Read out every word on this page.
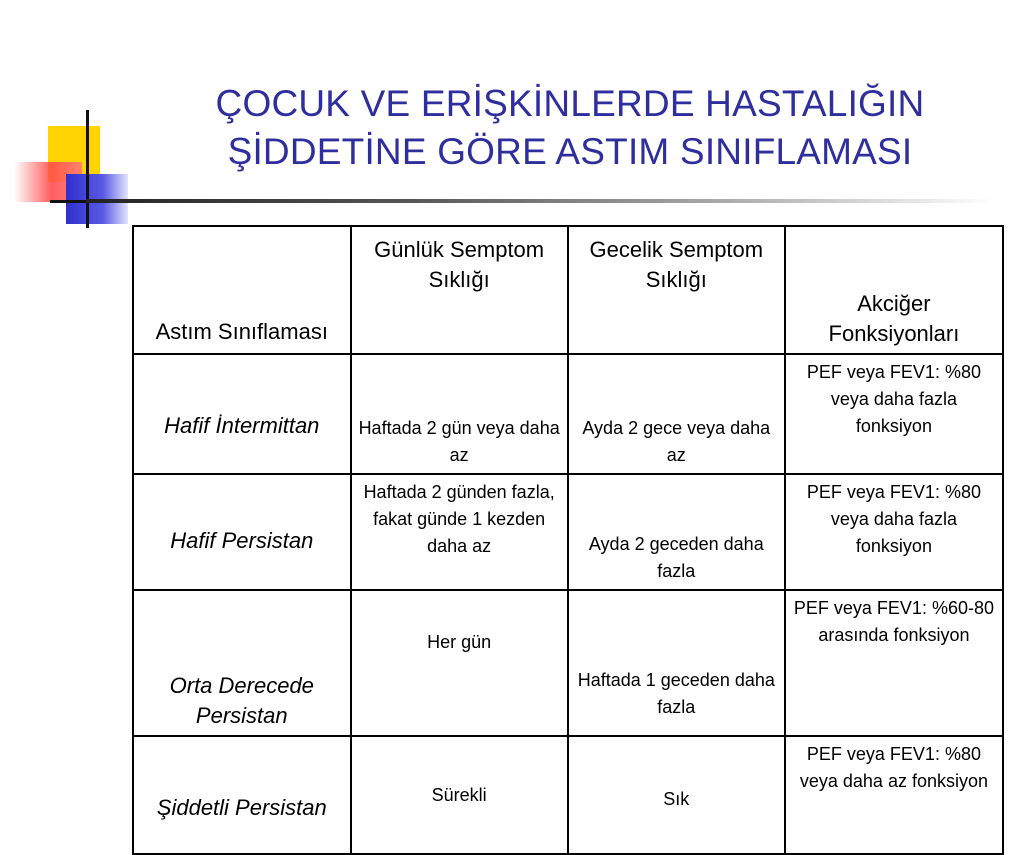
ÇOCUK VE ERİŞKİNLERDE HASTALIĞIN
ŞİDDETİNE GÖRE ASTIM SINIFLAMASI
Astım Sınıflaması	Günlük Semptom Sıklığı	Gecelik Semptom Sıklığı	Akciğer Fonksiyonları
Hafif İntermittan	Haftada 2 gün veya daha az	Ayda 2 gece veya daha az	PEF veya FEV1: %80 veya daha fazla fonksiyon
Hafif Persistan	Haftada 2 günden fazla, fakat günde 1 kezden daha az	Ayda 2 geceden daha fazla	PEF veya FEV1: %80 veya daha fazla fonksiyon
Orta Derecede Persistan	Her gün	Haftada 1 geceden daha fazla	PEF veya FEV1: %60-80 arasında fonksiyon
Şiddetli Persistan	Sürekli	Sık	PEF veya FEV1: %80 veya daha az fonksiyon
